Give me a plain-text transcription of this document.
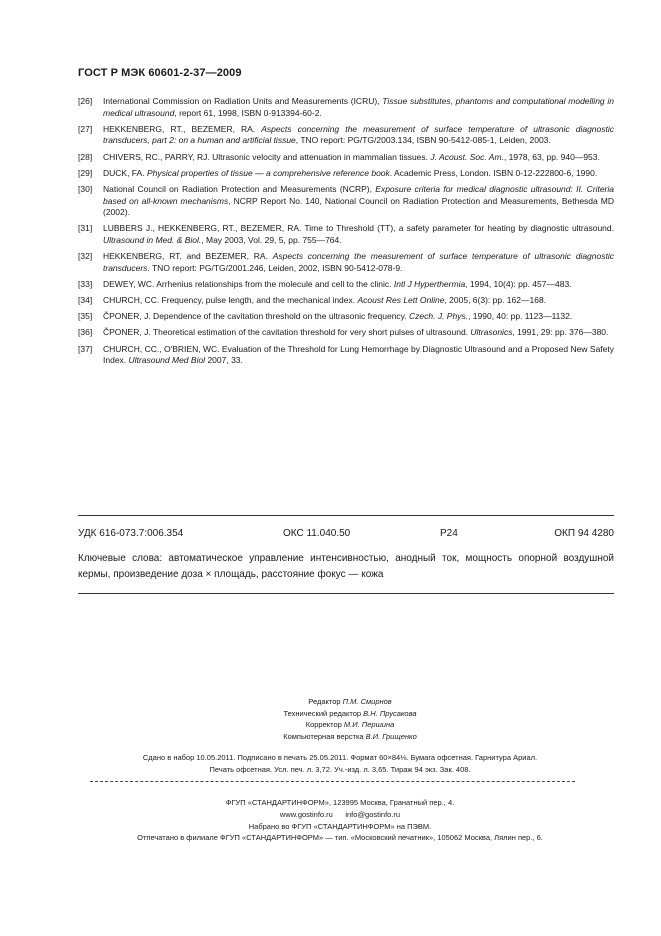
ГОСТ Р МЭК 60601-2-37—2009
[26]	International Commission on Radiation Units and Measurements (ICRU), Tissue substitutes, phantoms and computational modelling in medical ultrasound, report 61, 1998, ISBN 0-913394-60-2.
[27]	HEKKENBERG, RT., BEZEMER, RA. Aspects concerning the measurement of surface temperature of ultrasonic diagnostic transducers, part 2: on a human and artificial tissue, TNO report: PG/TG/2003.134, ISBN 90-5412-085-1, Leiden, 2003.
[28]	CHIVERS, RC., PARRY, RJ. Ultrasonic velocity and attenuation in mammalian tissues. J. Acoust. Soc. Am., 1978, 63, pp. 940—953.
[29]	DUCK, FA. Physical properties of tissue — a comprehensive reference book. Academic Press, London. ISBN 0-12-222800-6, 1990.
[30]	National Council on Radiation Protection and Measurements (NCRP), Exposure criteria for medical diagnostic ultrasound: II. Criteria based on all-known mechanisms, NCRP Report No. 140, National Council on Radiation Protection and Measurements, Bethesda MD (2002).
[31]	LUBBERS J., HEKKENBERG, RT., BEZEMER, RA. Time to Threshold (TT), a safety parameter for heating by diagnostic ultrasound. Ultrasound in Med. & Biol., May 2003, Vol. 29, 5, pp. 755—764.
[32]	HEKKENBERG, RT. and BEZEMER, RA. Aspects concerning the measurement of surface temperature of ultrasonic diagnostic transducers. TNO report: PG/TG/2001.246, Leiden, 2002, ISBN 90-5412-078-9.
[33]	DEWEY, WC. Arrhenius relationships from the molecule and cell to the clinic. Intl J Hyperthermia, 1994, 10(4): pp. 457—483.
[34]	CHURCH, CC. Frequency, pulse length, and the mechanical index. Acoust Res Lett Online, 2005, 6(3): pp. 162—168.
[35]	ČPONER, J. Dependence of the cavitation threshold on the ultrasonic frequency. Czech. J. Phys., 1990, 40: pp. 1123—1132.
[36]	ČPONER, J. Theoretical estimation of the cavitation threshold for very short pulses of ultrasound. Ultrasonics, 1991, 29: pp. 376—380.
[37]	CHURCH, CC., O'BRIEN, WC. Evaluation of the Threshold for Lung Hemorrhage by Diagnostic Ultrasound and a Proposed New Safety Index. Ultrasound Med Biol 2007, 33.
УДК 616-073.7:006.354	ОКС 11.040.50	Р24	ОКП 94 4280
Ключевые слова: автоматическое управление интенсивностью, анодный ток, мощность опорной воздушной кермы, произведение доза × площадь, расстояние фокус — кожа
Редактор П.М. Смирнов
Технический редактор В.Н. Прусакова
Корректор М.И. Першина
Компьютерная верстка В.И. Грищенко
Сдано в набор 10.05.2011. Подписано в печать 25.05.2011. Формат 60×84⅛. Бумага офсетная. Гарнитура Ариал.
Печать офсетная. Усл. печ. л. 3,72. Уч.-изд. л. 3,65. Тираж 94 экз. Зак. 408.
ФГУП «СТАНДАРТИНФОРМ», 123995 Москва, Гранатный пер., 4.
www.gostinfo.ru      info@gostinfo.ru
Набрано во ФГУП «СТАНДАРТИНФОРМ» на ПЭВМ.
Отпечатано в филиале ФГУП «СТАНДАРТИНФОРМ» — тип. «Московский печатник», 105062 Москва, Лялин пер., 6.
